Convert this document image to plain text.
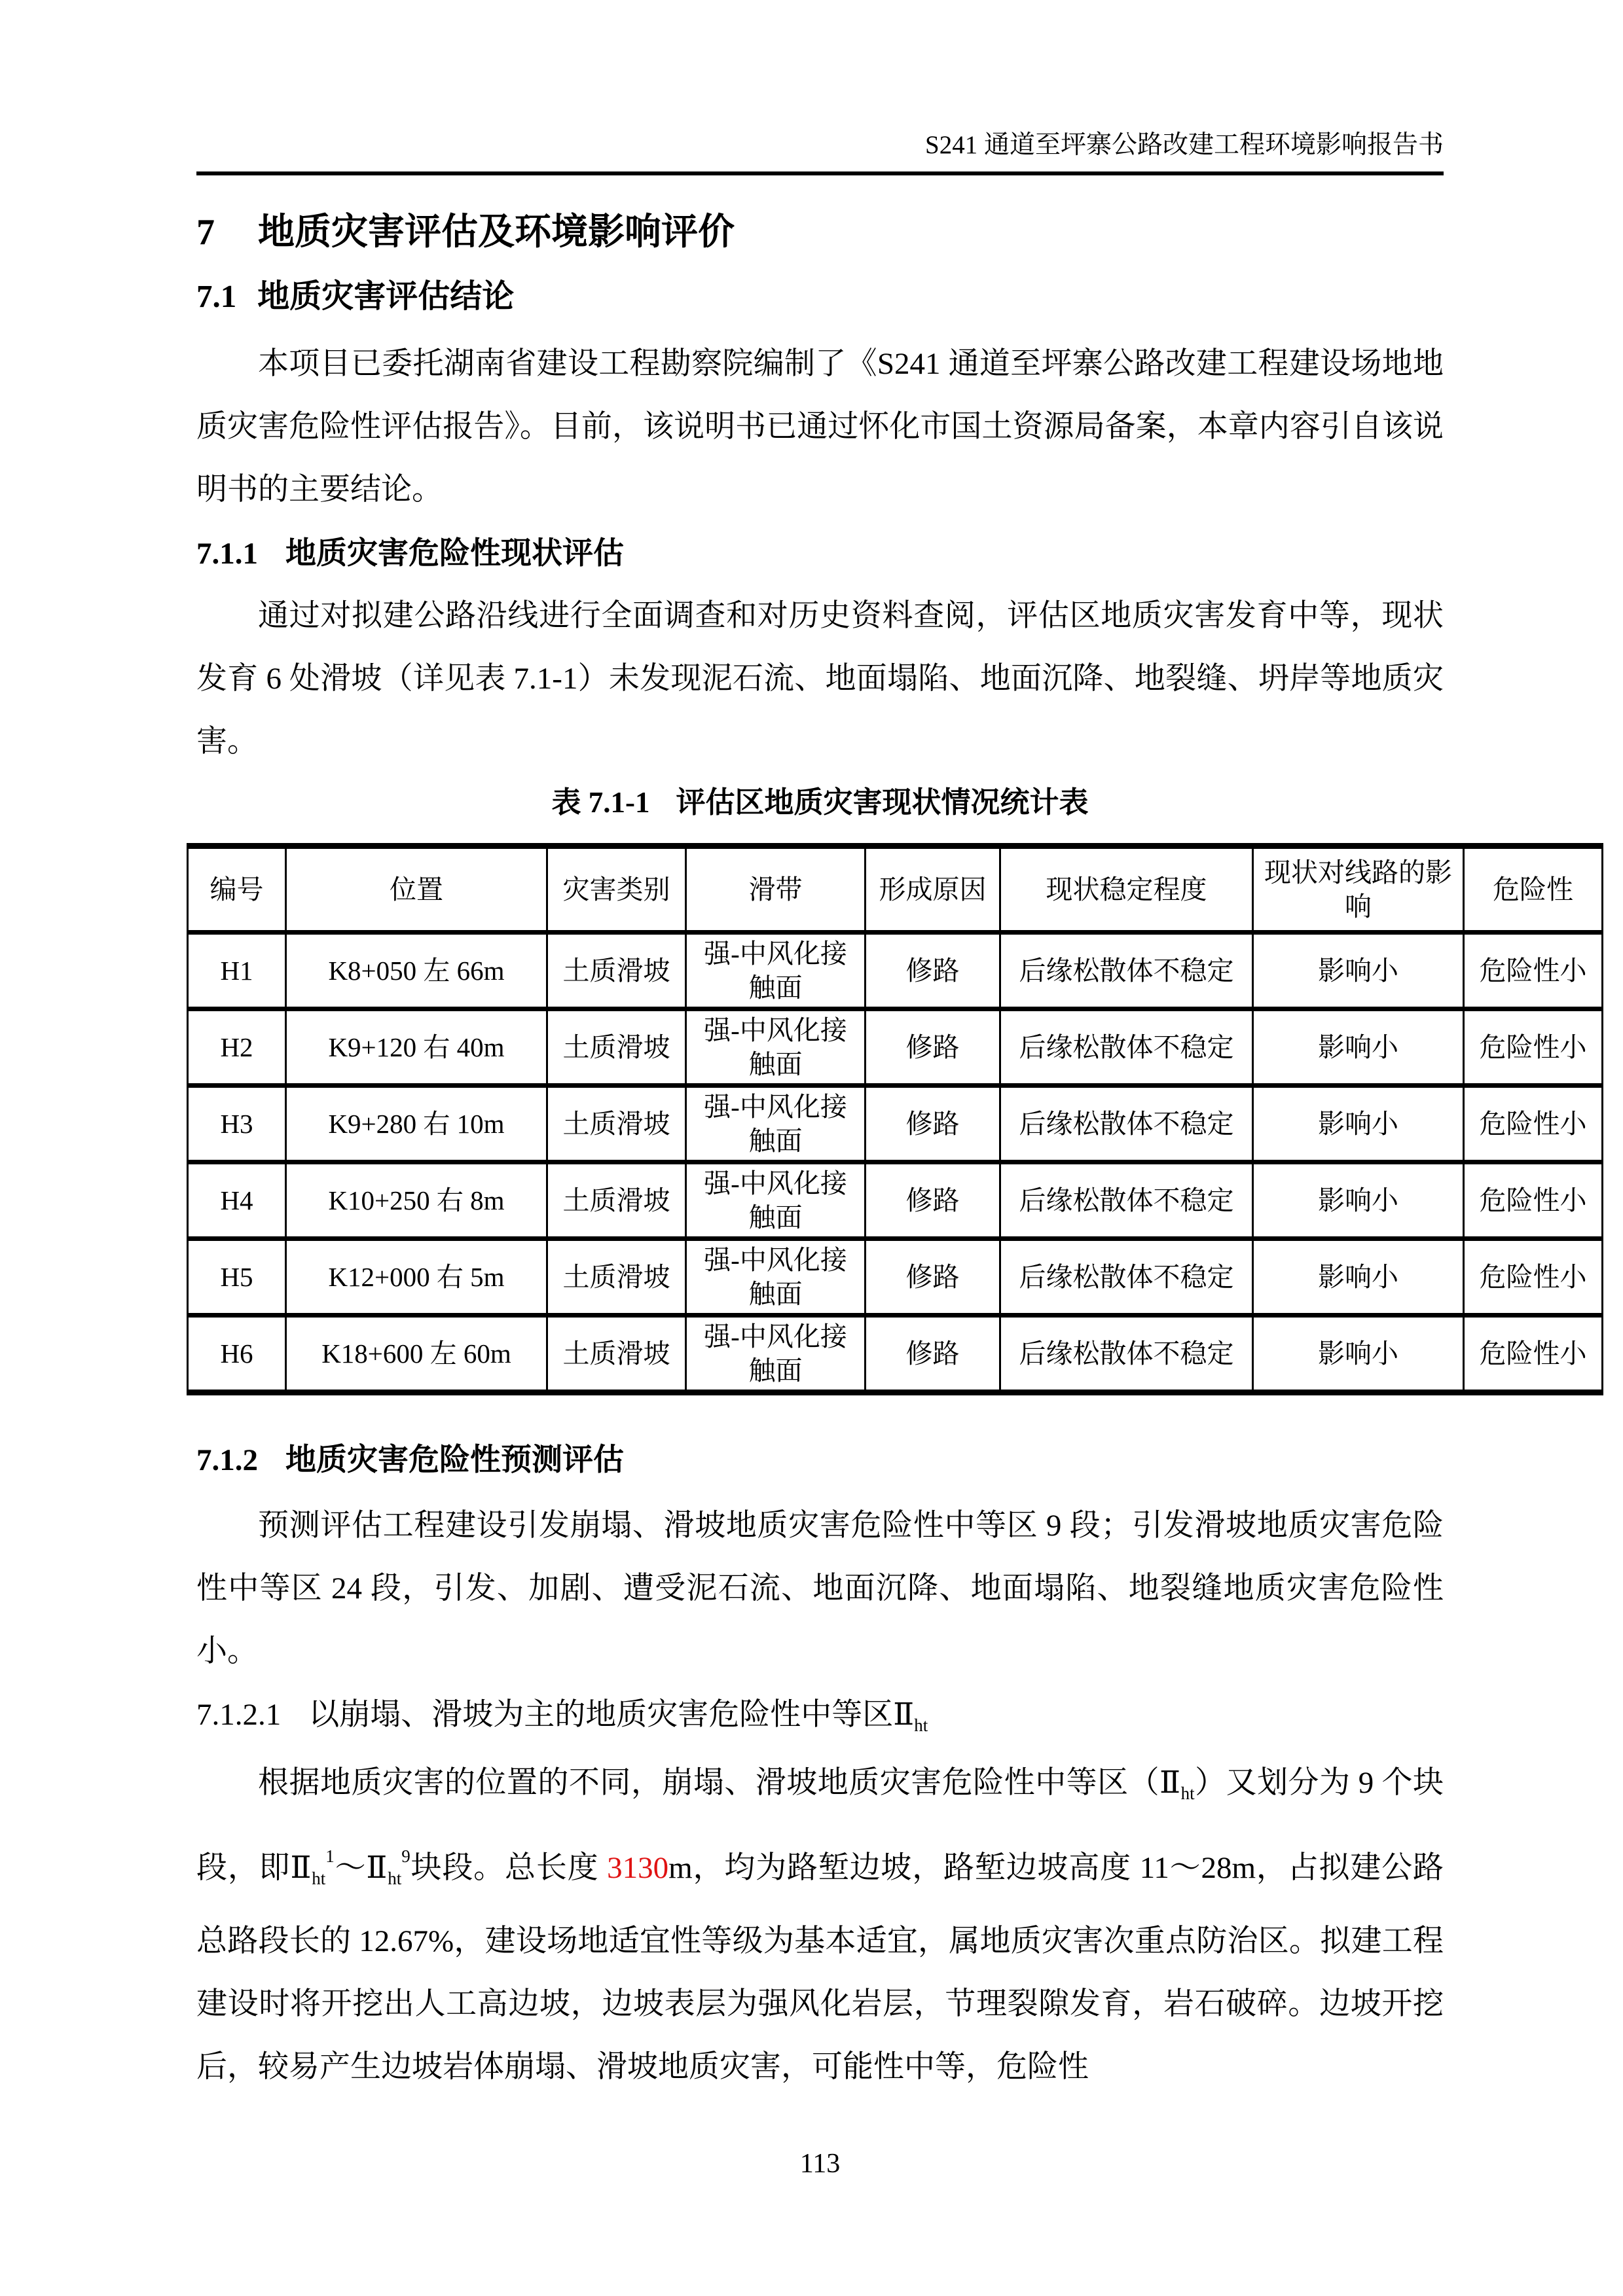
S241 通道至坪寨公路改建工程环境影响报告书
7 地质灾害评估及环境影响评价
7.1 地质灾害评估结论

本项目已委托湖南省建设工程勘察院编制了《S241 通道至坪寨公路改建工程建设场地地质灾害危险性评估报告》。目前，该说明书已通过怀化市国土资源局备案，本章内容引自该说明书的主要结论。

7.1.1 地质灾害危险性现状评估

通过对拟建公路沿线进行全面调查和对历史资料查阅，评估区地质灾害发育中等，现状发育 6 处滑坡（详见表 7.1-1）未发现泥石流、地面塌陷、地面沉降、地裂缝、坍岸等地质灾害。

表 7.1-1 评估区地质灾害现状情况统计表
编号	位置	灾害类别	滑带	形成原因	现状稳定程度	现状对线路的影响	危险性
H1	K8+050 左 66m	土质滑坡	强-中风化接触面	修路	后缘松散体不稳定	影响小	危险性小
H2	K9+120 右 40m	土质滑坡	强-中风化接触面	修路	后缘松散体不稳定	影响小	危险性小
H3	K9+280 右 10m	土质滑坡	强-中风化接触面	修路	后缘松散体不稳定	影响小	危险性小
H4	K10+250 右 8m	土质滑坡	强-中风化接触面	修路	后缘松散体不稳定	影响小	危险性小
H5	K12+000 右 5m	土质滑坡	强-中风化接触面	修路	后缘松散体不稳定	影响小	危险性小
H6	K18+600 左 60m	土质滑坡	强-中风化接触面	修路	后缘松散体不稳定	影响小	危险性小
7.1.2 地质灾害危险性预测评估

预测评估工程建设引发崩塌、滑坡地质灾害危险性中等区 9 段；引发滑坡地质灾害危险性中等区 24 段，引发、加剧、遭受泥石流、地面沉降、地面塌陷、地裂缝地质灾害危险性小。

7.1.2.1 以崩塌、滑坡为主的地质灾害危险性中等区$Ⅱ_{ht}$

根据地质灾害的位置的不同，崩塌、滑坡地质灾害危险性中等区$(Ⅱ_{ht})$又划分为 9 个块段，即$Ⅱ_{ht}^1\sim Ⅱ_{ht}^9$块段。总长度 3130m，均为路堑边坡，路堑边坡高度 11～28m，占拟建公路总路段长的 12.67%，建设场地适宜性等级为基本适宜，属地质灾害次重点防治区。拟建工程建设时将开挖出人工高边坡，边坡表层为强风化岩层，节理裂隙发育，岩石破碎。边坡开挖后，较易产生边坡岩体崩塌、滑坡地质灾害，可能性中等，危险性

113
